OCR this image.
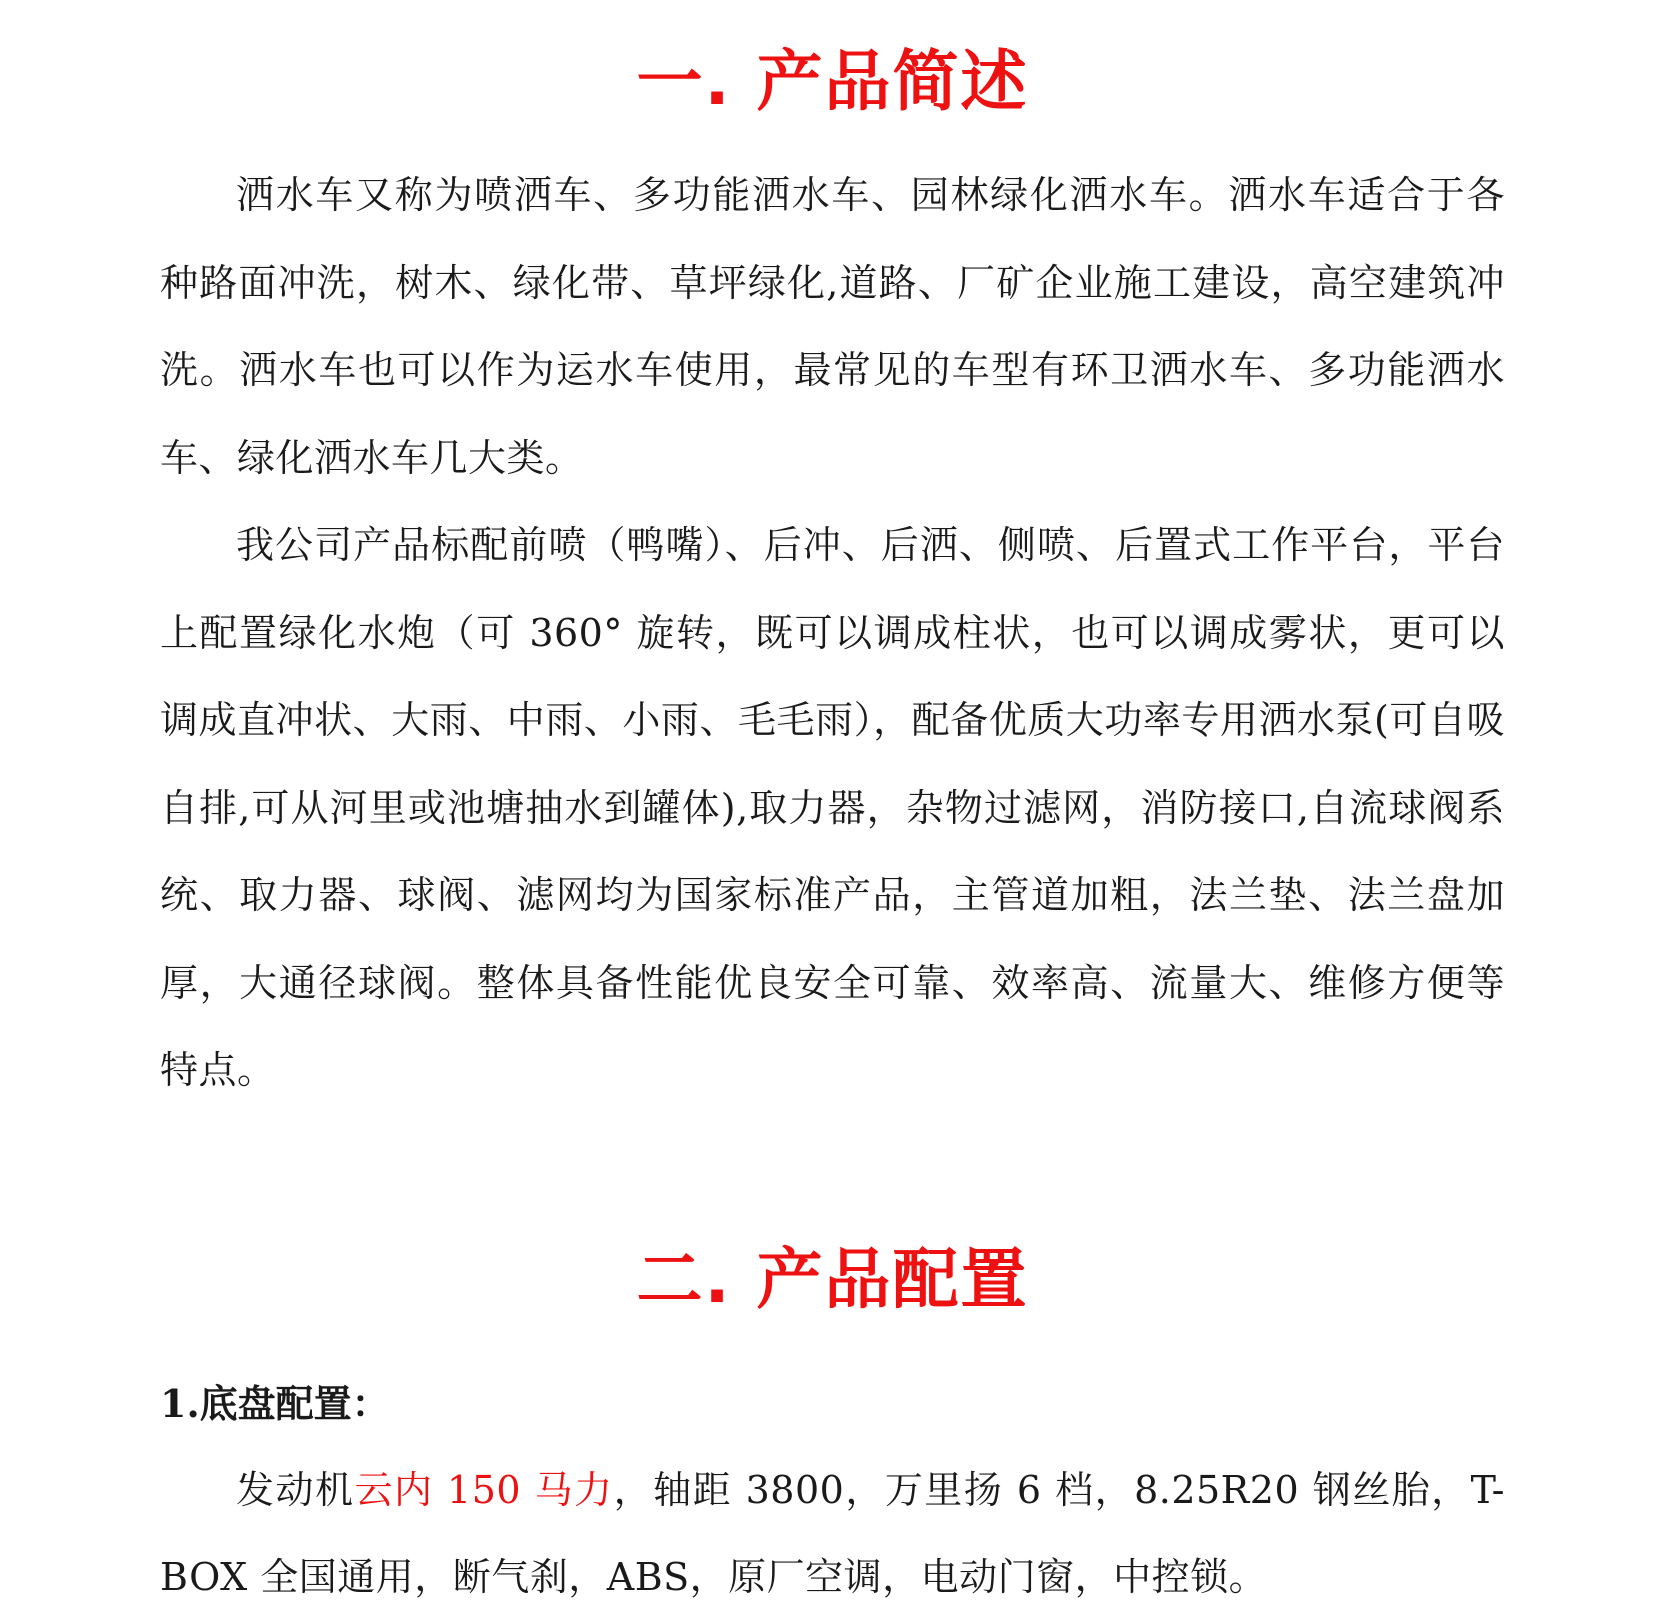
一. 产品简述

洒水车又称为喷洒车、多功能洒水车、园林绿化洒水车。洒水车适合于各种路面冲洗，树木、绿化带、草坪绿化,道路、厂矿企业施工建设，高空建筑冲洗。洒水车也可以作为运水车使用，最常见的车型有环卫洒水车、多功能洒水车、绿化洒水车几大类。

我公司产品标配前喷（鸭嘴）、后冲、后洒、侧喷、后置式工作平台，平台上配置绿化水炮（可 360° 旋转，既可以调成柱状，也可以调成雾状，更可以调成直冲状、大雨、中雨、小雨、毛毛雨），配备优质大功率专用洒水泵(可自吸自排,可从河里或池塘抽水到罐体),取力器，杂物过滤网，消防接口,自流球阀系统、取力器、球阀、滤网均为国家标准产品，主管道加粗，法兰垫、法兰盘加厚，大通径球阀。整体具备性能优良安全可靠、效率高、流量大、维修方便等特点。

二. 产品配置

1.底盘配置：

发动机云内 150 马力，轴距 3800，万里扬 6 档，8.25R20 钢丝胎，T-BOX 全国通用，断气刹，ABS，原厂空调，电动门窗，中控锁。
